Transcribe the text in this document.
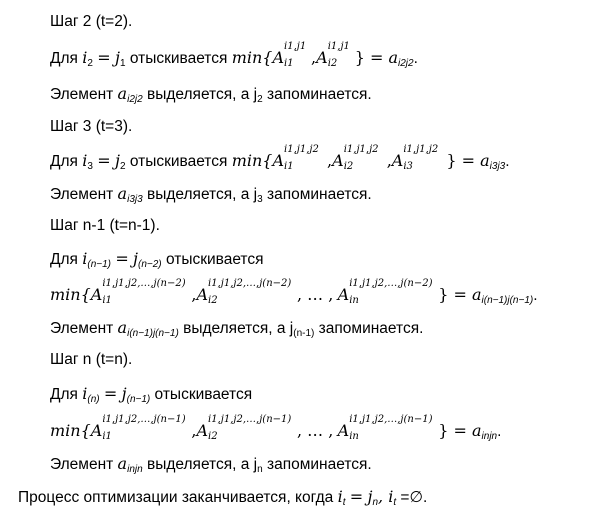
Шаг 2 (t=2).
Для i2 = j1 отыскивается min{A
i1,j1
i1 ,A
i1,j1
i2 } = ai2j2.
Элемент ai2j2 выделяется, а j2 запоминается.
Шаг 3 (t=3).
Для i3 = j2 отыскивается min{A
i1,j1,j2
i1 ,A
i1,j1,j2
i2 ,A
i1,j1,j2
i3 } = ai3j3.
Элемент ai3j3 выделяется, а j3 запоминается.
Шаг n-1 (t=n-1).
Для i(n−1) = j(n−2) отыскивается
min{A
i1,j1,j2,…,j(n−2)
i1	,A
i1,j1,j2,…,j(n−2)
i2	, … , A
i1,j1,j2,…,j(n−2)
in	} = ai(n−1)j(n−1).
Элемент ai(n−1)j(n−1) выделяется, а j(n-1) запоминается.
Шаг n (t=n).
Для i(n) = j(n−1) отыскивается
min{A
i1,j1,j2,…,j(n−1)
i1	,A
i1,j1,j2,…,j(n−1)
i2	, … , A
i1,j1,j2,…,j(n−1)
in	} = ainjn.
Элемент ainjn выделяется, а jn запоминается.
Процесс оптимизации заканчивается, когда it = jn, it =∅.
